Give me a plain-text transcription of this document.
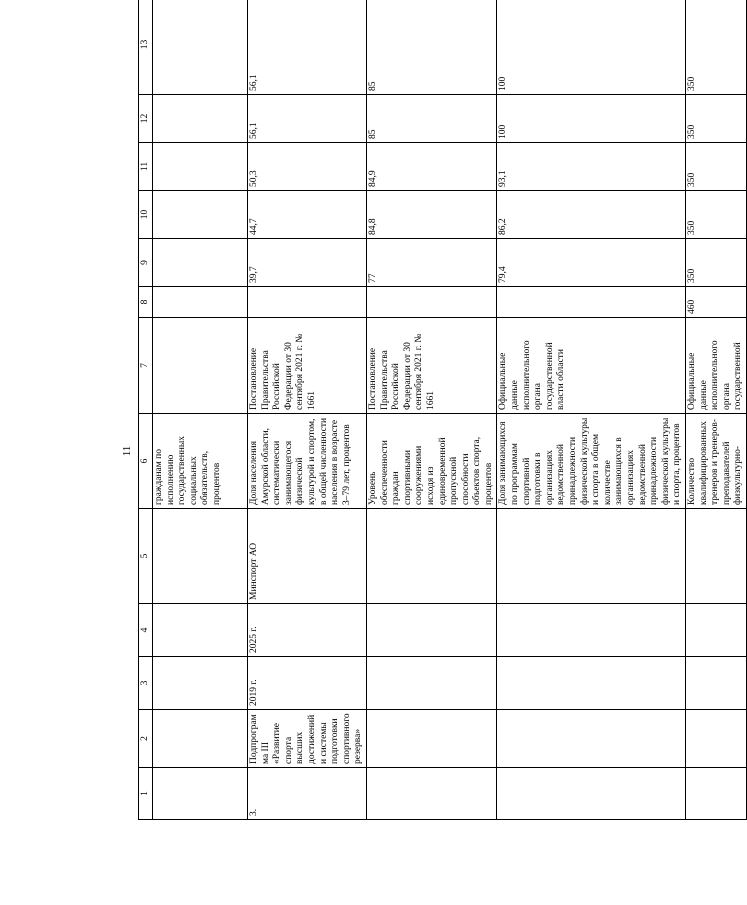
11
1	2	3	4	5	6	7	8	9	10	11	12	13
					гражданам по исполнению государственных социальных обязательств, процентов							
3.	Подпрограмма III «Развитие спорта высших достижений и системы подготовки спортивного резерва»	2019 г.	2025 г.	Минспорт АО	Доля населения Амурской области, систематически занимающегося физической культурой и спортом, в общей численности населения в возрасте 3–79 лет, процентов	Постановление Правительства Российской Федерации от 30 сентября 2021 г. № 1661		39,7	44,7	50,3	56,1	56,1
					Уровень обеспеченности граждан спортивными сооружениями исходя из единовременной пропускной способности объектов спорта, процентов	Постановление Правительства Российской Федерации от 30 сентября 2021 г. № 1661		77	84,8	84,9	85	85
					Доля занимающихся по программам спортивной подготовки в организациях ведомственной принадлежности физической культуры и спорта в общем количестве занимающихся в организациях ведомственной принадлежности физической культуры и спорта, процентов	Официальные данные исполнительного органа государственной власти области		79,4	86,2	93,1	100	100
					Количество квалифицированных тренеров и тренеров-преподавателей физкультурно-	Официальные данные исполнительного органа государственной	460	350	350	350	350	350
